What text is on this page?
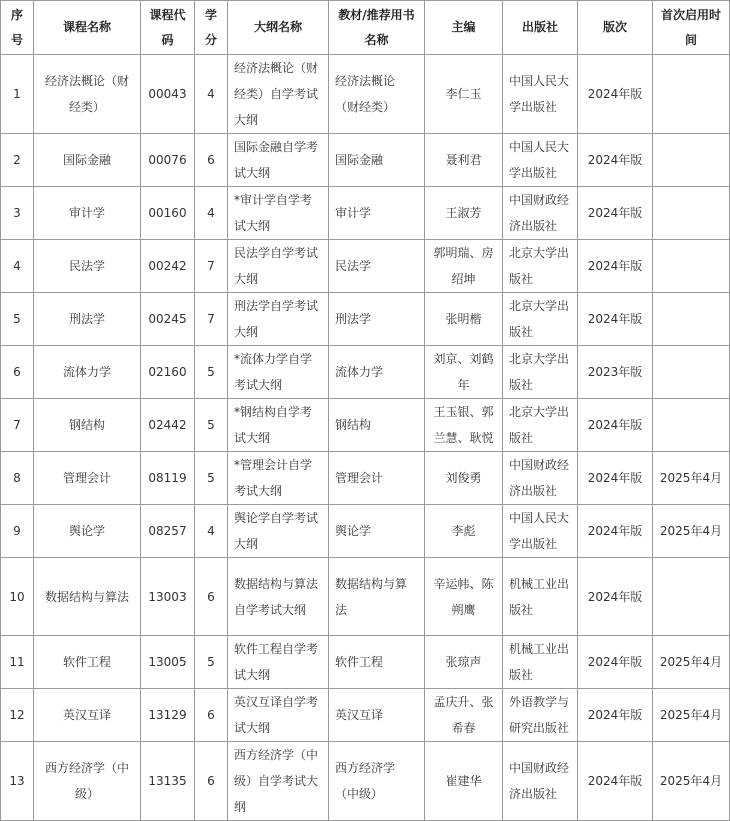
序号	课程名称	课程代码	学分	大纲名称	教材/推荐用书名称	主编	出版社	版次	首次启用时间
1	经济法概论（财经类）	00043	4	经济法概论（财经类）自学考试大纲	经济法概论（财经类）	李仁玉	中国人民大学出版社	2024年版	
2	国际金融	00076	6	国际金融自学考试大纲	国际金融	聂利君	中国人民大学出版社	2024年版	
3	审计学	00160	4	*审计学自学考试大纲	审计学	王淑芳	中国财政经济出版社	2024年版	
4	民法学	00242	7	民法学自学考试大纲	民法学	郭明瑞、房绍坤	北京大学出版社	2024年版	
5	刑法学	00245	7	刑法学自学考试大纲	刑法学	张明楷	北京大学出版社	2024年版	
6	流体力学	02160	5	*流体力学自学考试大纲	流体力学	刘京、刘鹤年	北京大学出版社	2023年版	
7	钢结构	02442	5	*钢结构自学考试大纲	钢结构	王玉银、郭兰慧、耿悦	北京大学出版社	2024年版	
8	管理会计	08119	5	*管理会计自学考试大纲	管理会计	刘俊勇	中国财政经济出版社	2024年版	2025年4月
9	舆论学	08257	4	舆论学自学考试大纲	舆论学	李彪	中国人民大学出版社	2024年版	2025年4月
10	数据结构与算法	13003	6	数据结构与算法自学考试大纲	数据结构与算法	辛运帏、陈朔鹰	机械工业出版社	2024年版	
11	软件工程	13005	5	软件工程自学考试大纲	软件工程	张琼声	机械工业出版社	2024年版	2025年4月
12	英汉互译	13129	6	英汉互译自学考试大纲	英汉互译	孟庆升、张希春	外语教学与研究出版社	2024年版	2025年4月
13	西方经济学（中级）	13135	6	西方经济学（中级）自学考试大纲	西方经济学（中级）	崔建华	中国财政经济出版社	2024年版	2025年4月
